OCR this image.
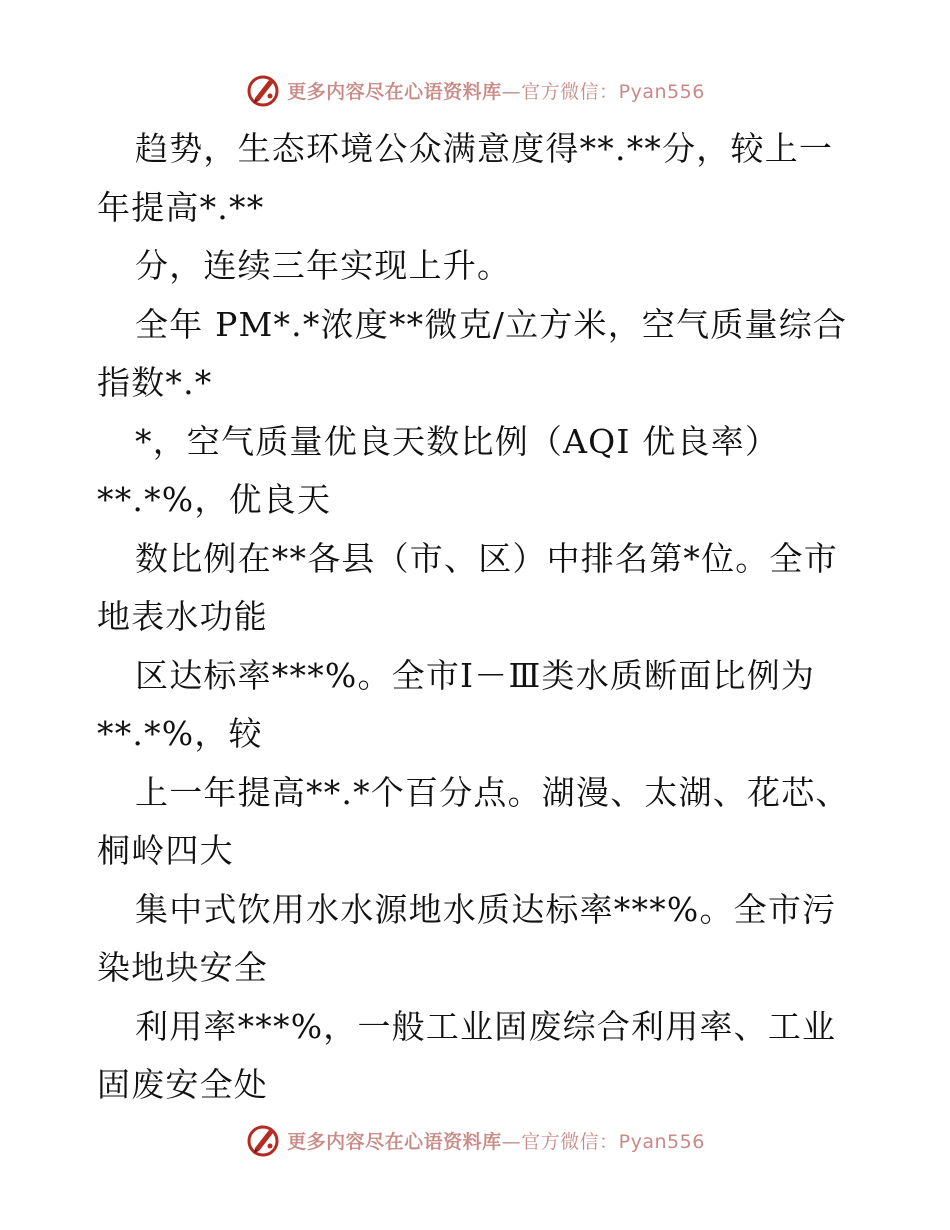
更多内容尽在心语资料库—官方微信：Pyan556
趋势，生态环境公众满意度得**.**分，较上一
年提高*.**
分，连续三年实现上升。
全年 PM*.*浓度**微克/立方米，空气质量综合
指数*.*
*，空气质量优良天数比例（AQI 优良率）
**.*%，优良天
数比例在**各县（市、区）中排名第*位。全市
地表水功能
区达标率***%。全市Ⅰ－Ⅲ类水质断面比例为
**.*%，较
上一年提高**.*个百分点。湖漫、太湖、花芯、
桐岭四大
集中式饮用水水源地水质达标率***%。全市污
染地块安全
利用率***%，一般工业固废综合利用率、工业
固废安全处
更多内容尽在心语资料库—官方微信：Pyan556
